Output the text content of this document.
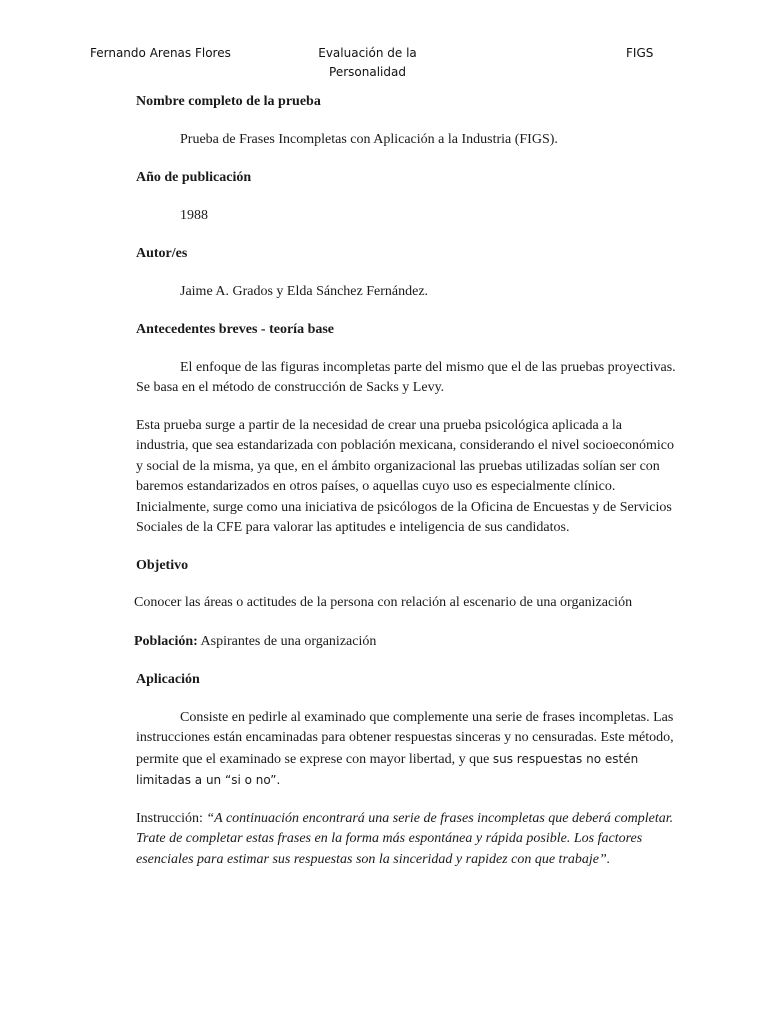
Fernando Arenas Flores	Evaluación de la
Personalidad
FIGS

Nombre completo de la prueba

Prueba de Frases Incompletas con Aplicación a la Industria (FIGS).

Año de publicación

1988

Autor/es

Jaime A. Grados y Elda Sánchez Fernández.

Antecedentes breves - teoría base

El enfoque de las figuras incompletas parte del mismo que el de las pruebas proyectivas. Se basa en el método de construcción de Sacks y Levy.

Esta prueba surge a partir de la necesidad de crear una prueba psicológica aplicada a la industria, que sea estandarizada con población mexicana, considerando el nivel socioeconómico y social de la misma, ya que, en el ámbito organizacional las pruebas utilizadas solían ser con baremos estandarizados en otros países, o aquellas cuyo uso es especialmente clínico. Inicialmente, surge como una iniciativa de psicólogos de la Oficina de Encuestas y de Servicios Sociales de la CFE para valorar las aptitudes e inteligencia de sus candidatos.

Objetivo

Conocer las áreas o actitudes de la persona con relación al escenario de una organización

Población: Aspirantes de una organización

Aplicación

Consiste en pedirle al examinado que complemente una serie de frases incompletas. Las instrucciones están encaminadas para obtener respuestas sinceras y no censuradas. Este método, permite que el examinado se exprese con mayor libertad, y que sus respuestas no estén limitadas a un “si o no”.

Instrucción: “A continuación encontrará una serie de frases incompletas que deberá completar. Trate de completar estas frases en la forma más espontánea y rápida posible. Los factores esenciales para estimar sus respuestas son la sinceridad y rapidez con que trabaje”.
